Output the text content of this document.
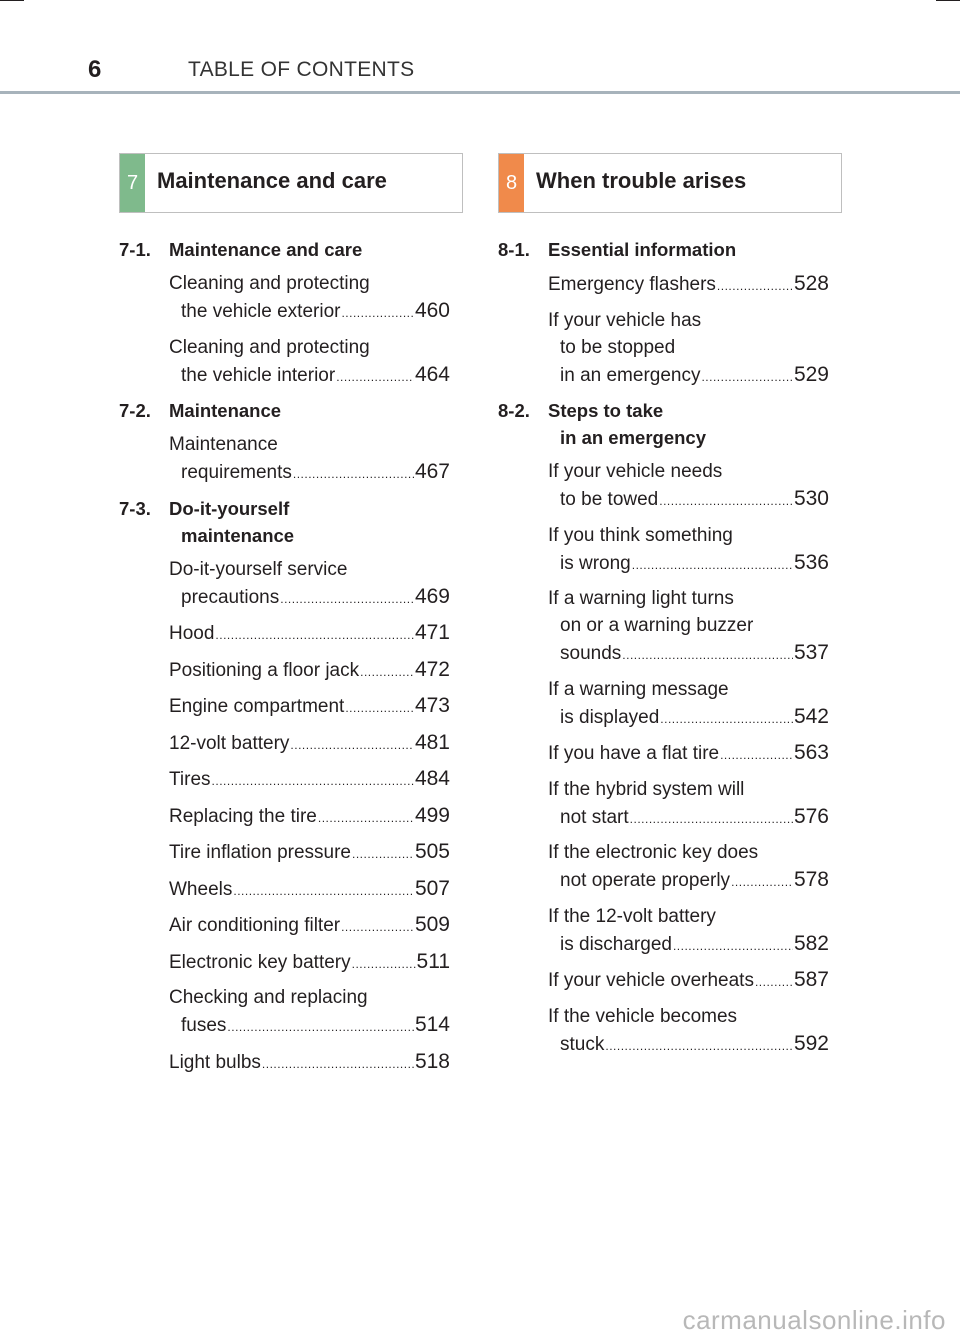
6	TABLE OF CONTENTS
7 Maintenance and care	8 When trouble arises
7-1. Maintenance and care
Cleaning and protecting
the vehicle exterior .....	460
Cleaning and protecting
the vehicle interior .....	464
7-2. Maintenance
Maintenance
requirements .....	467
7-3. Do-it-yourself
maintenance
Do-it-yourself service
precautions .....	469
Hood .....	471
Positioning a floor jack .....	472
Engine compartment .....	473
12-volt battery .....	481
Tires .....	484
Replacing the tire .....	499
Tire inflation pressure .....	505
Wheels .....	507
Air conditioning filter .....	509
Electronic key battery .....	511
Checking and replacing
fuses .....	514
Light bulbs .....	518
8-1. Essential information
Emergency flashers .....	528
If your vehicle has
to be stopped
in an emergency .....	529
8-2. Steps to take
in an emergency
If your vehicle needs
to be towed .....	530
If you think something
is wrong .....	536
If a warning light turns
on or a warning buzzer
sounds .....	537
If a warning message
is displayed .....	542
If you have a flat tire .....	563
If the hybrid system will
not start .....	576
If the electronic key does
not operate properly .....	578
If the 12-volt battery
is discharged .....	582
If your vehicle overheats ..... 587
If the vehicle becomes
stuck .....	592
carmanualsonline.info
